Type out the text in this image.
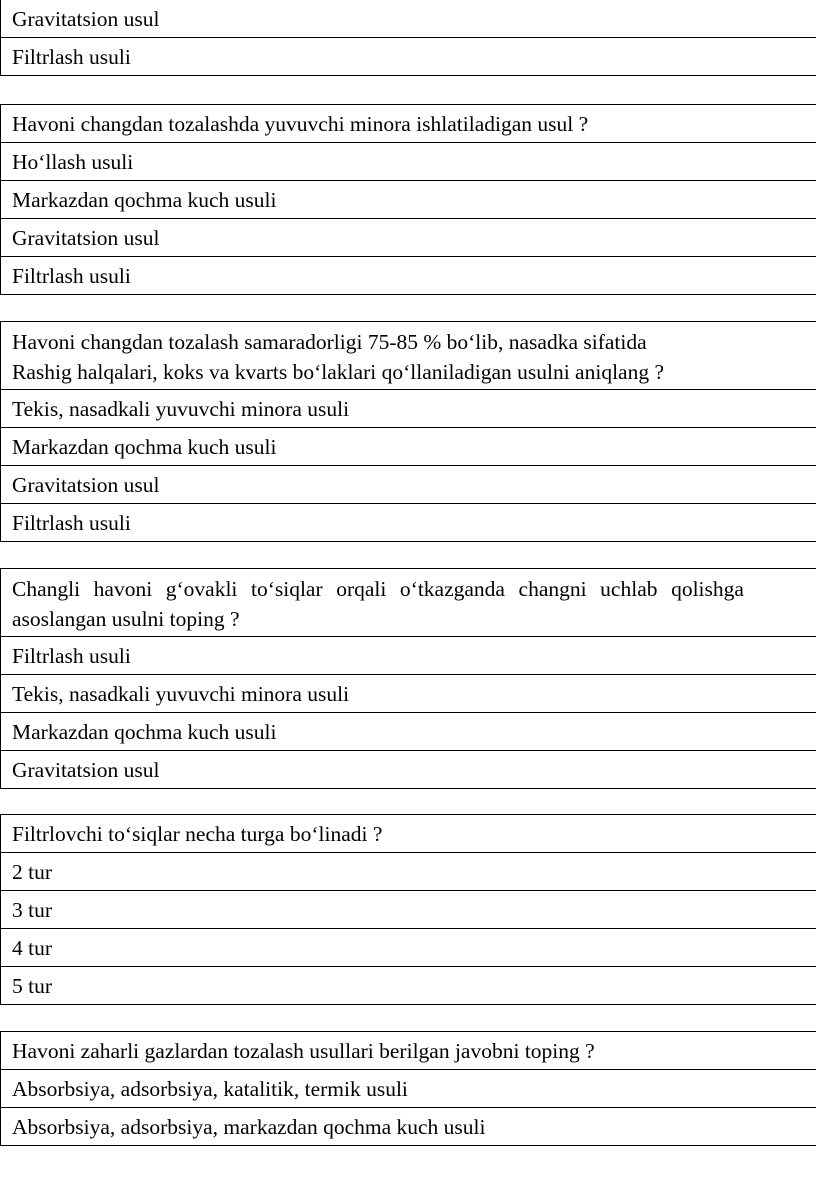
Gravitatsion usul
Filtrlash usuli
Havoni changdan tozalashda yuvuvchi minora ishlatiladigan usul ?
Ho‘llash usuli
Markazdan qochma kuch usuli
Gravitatsion usul
Filtrlash usuli
Havoni changdan tozalash samaradorligi 75-85 % bo‘lib, nasadka sifatida
Rashig halqalari, koks va kvarts bo‘laklari qo‘llaniladigan usulni aniqlang ?
Tekis, nasadkali yuvuvchi minora usuli
Markazdan qochma kuch usuli
Gravitatsion usul
Filtrlash usuli
Changli havoni g‘ovakli to‘siqlar orqali o‘tkazganda changni uchlab qolishga
asoslangan usulni toping ?
Filtrlash usuli
Tekis, nasadkali yuvuvchi minora usuli
Markazdan qochma kuch usuli
Gravitatsion usul
Filtrlovchi to‘siqlar necha turga bo‘linadi ?
2 tur
3 tur
4 tur
5 tur
Havoni zaharli gazlardan tozalash usullari berilgan javobni toping ?
Absorbsiya, adsorbsiya, katalitik, termik usuli
Absorbsiya, adsorbsiya, markazdan qochma kuch usuli
